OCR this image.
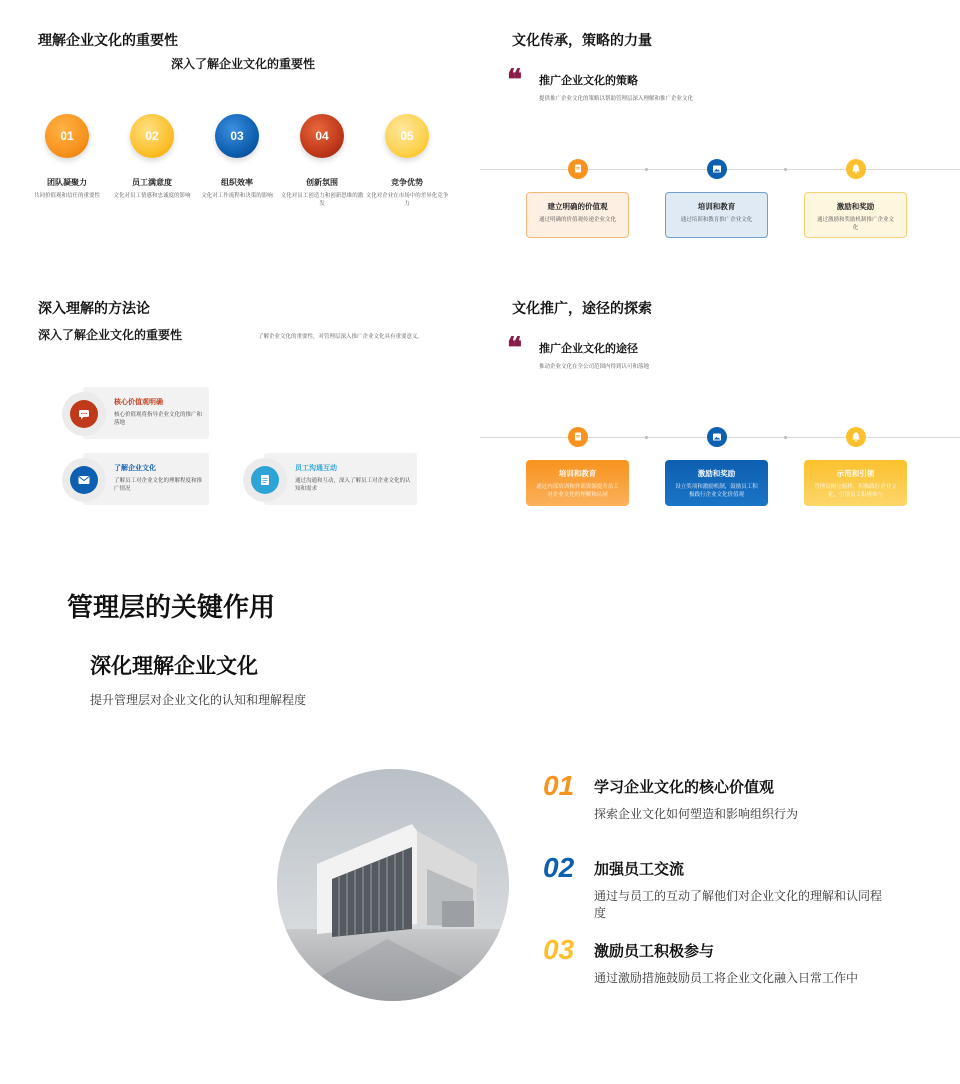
理解企业文化的重要性
深入了解企业文化的重要性
01
团队凝聚力
共同价值观和信任的重要性
02
员工满意度
文化对员工情感和忠诚度的影响
03
组织效率
文化对工作流程和决策的影响
04
创新氛围
文化对员工创造力和创新思维的激发
05
竞争优势
文化对企业在市场中的差异化竞争力
文化传承，策略的力量
❝ 推广企业文化的策略
提供推广企业文化的策略以帮助管理层深入理解和推广企业文化
建立明确的价值观
通过明确的价值观传递企业文化
培训和教育
通过培训和教育推广企业文化
激励和奖励
通过激励和奖励机制推广企业文化
深入理解的方法论
深入了解企业文化的重要性	了解企业文化的重要性，对管理层深入推广企业文化具有重要意义。
核心价值观明确
核心价值观将指导企业文化的推广和落地
了解企业文化
了解员工对企业文化的理解程度和推广情况
员工沟通互动
通过沟通和互动，深入了解员工对企业文化的认知和需求
文化推广，途径的探索
❝ 推广企业文化的途径
推动企业文化在全公司范围内得到认可和落地
培训和教育
通过内部培训和外部资源提升员工对企业文化的理解和认同
激励和奖励
设立奖项和激励机制，鼓励员工积极践行企业文化价值观
示范和引领
管理层树立榜样，积极践行企业文化，引领员工积极参与
管理层的关键作用
深化理解企业文化
提升管理层对企业文化的认知和理解程度
01 学习企业文化的核心价值观
探索企业文化如何塑造和影响组织行为
02 加强员工交流
通过与员工的互动了解他们对企业文化的理解和认同程度
03 激励员工积极参与
通过激励措施鼓励员工将企业文化融入日常工作中
